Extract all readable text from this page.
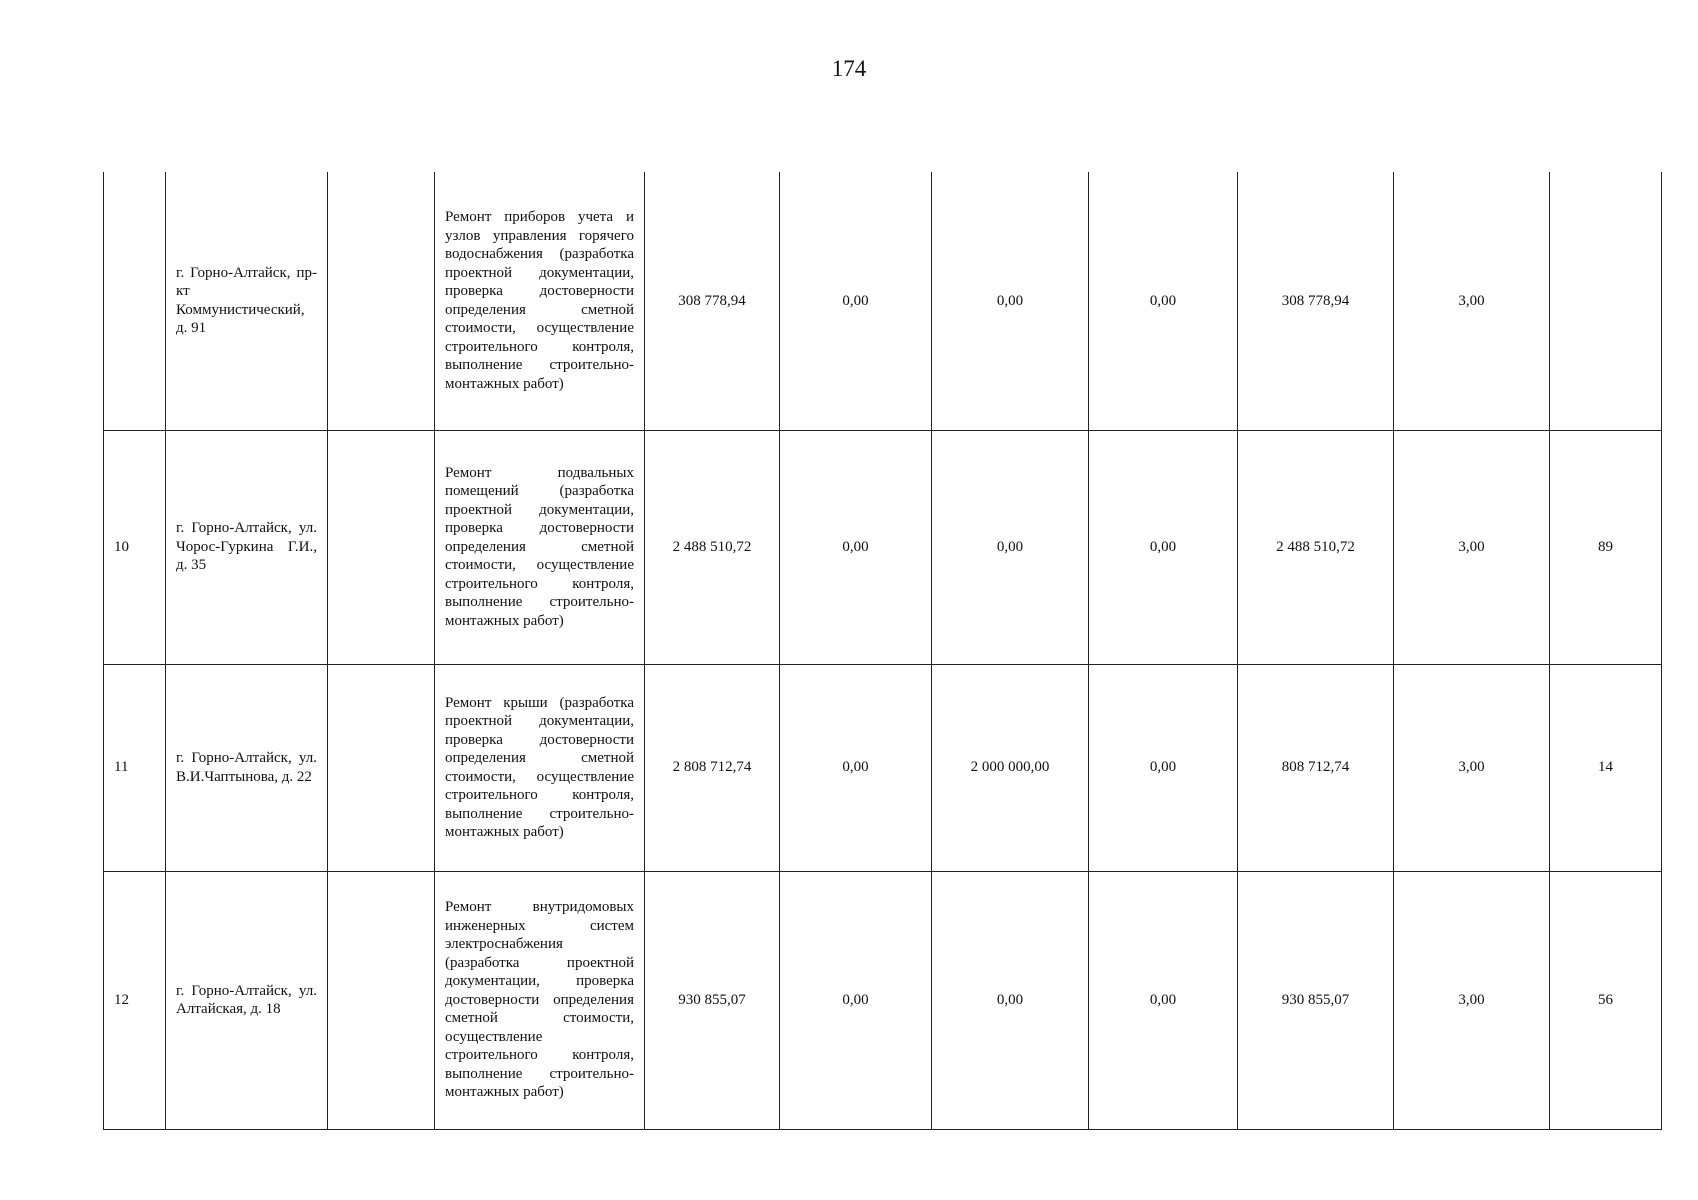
174
	г. Горно-Алтайск, пр-кт Коммунистический, д. 91		Ремонт приборов учета и узлов управления горячего водоснабжения (разработка проектной документации, проверка достоверности определения сметной стоимости, осуществление строительного контроля, выполнение строительно-монтажных работ)	308 778,94	0,00	0,00	0,00	308 778,94	3,00	
10	г. Горно-Алтайск, ул. Чорос-Гуркина Г.И., д. 35		Ремонт подвальных помещений (разработка проектной документации, проверка достоверности определения сметной стоимости, осуществление строительного контроля, выполнение строительно-монтажных работ)	2 488 510,72	0,00	0,00	0,00	2 488 510,72	3,00	89
11	г. Горно-Алтайск, ул. В.И.Чаптынова, д. 22		Ремонт крыши (разработка проектной документации, проверка достоверности определения сметной стоимости, осуществление строительного контроля, выполнение строительно-монтажных работ)	2 808 712,74	0,00	2 000 000,00	0,00	808 712,74	3,00	14
12	г. Горно-Алтайск, ул. Алтайская, д. 18		Ремонт внутридомовых инженерных систем электроснабжения (разработка проектной документации, проверка достоверности определения сметной стоимости, осуществление строительного контроля, выполнение строительно-монтажных работ)	930 855,07	0,00	0,00	0,00	930 855,07	3,00	56
